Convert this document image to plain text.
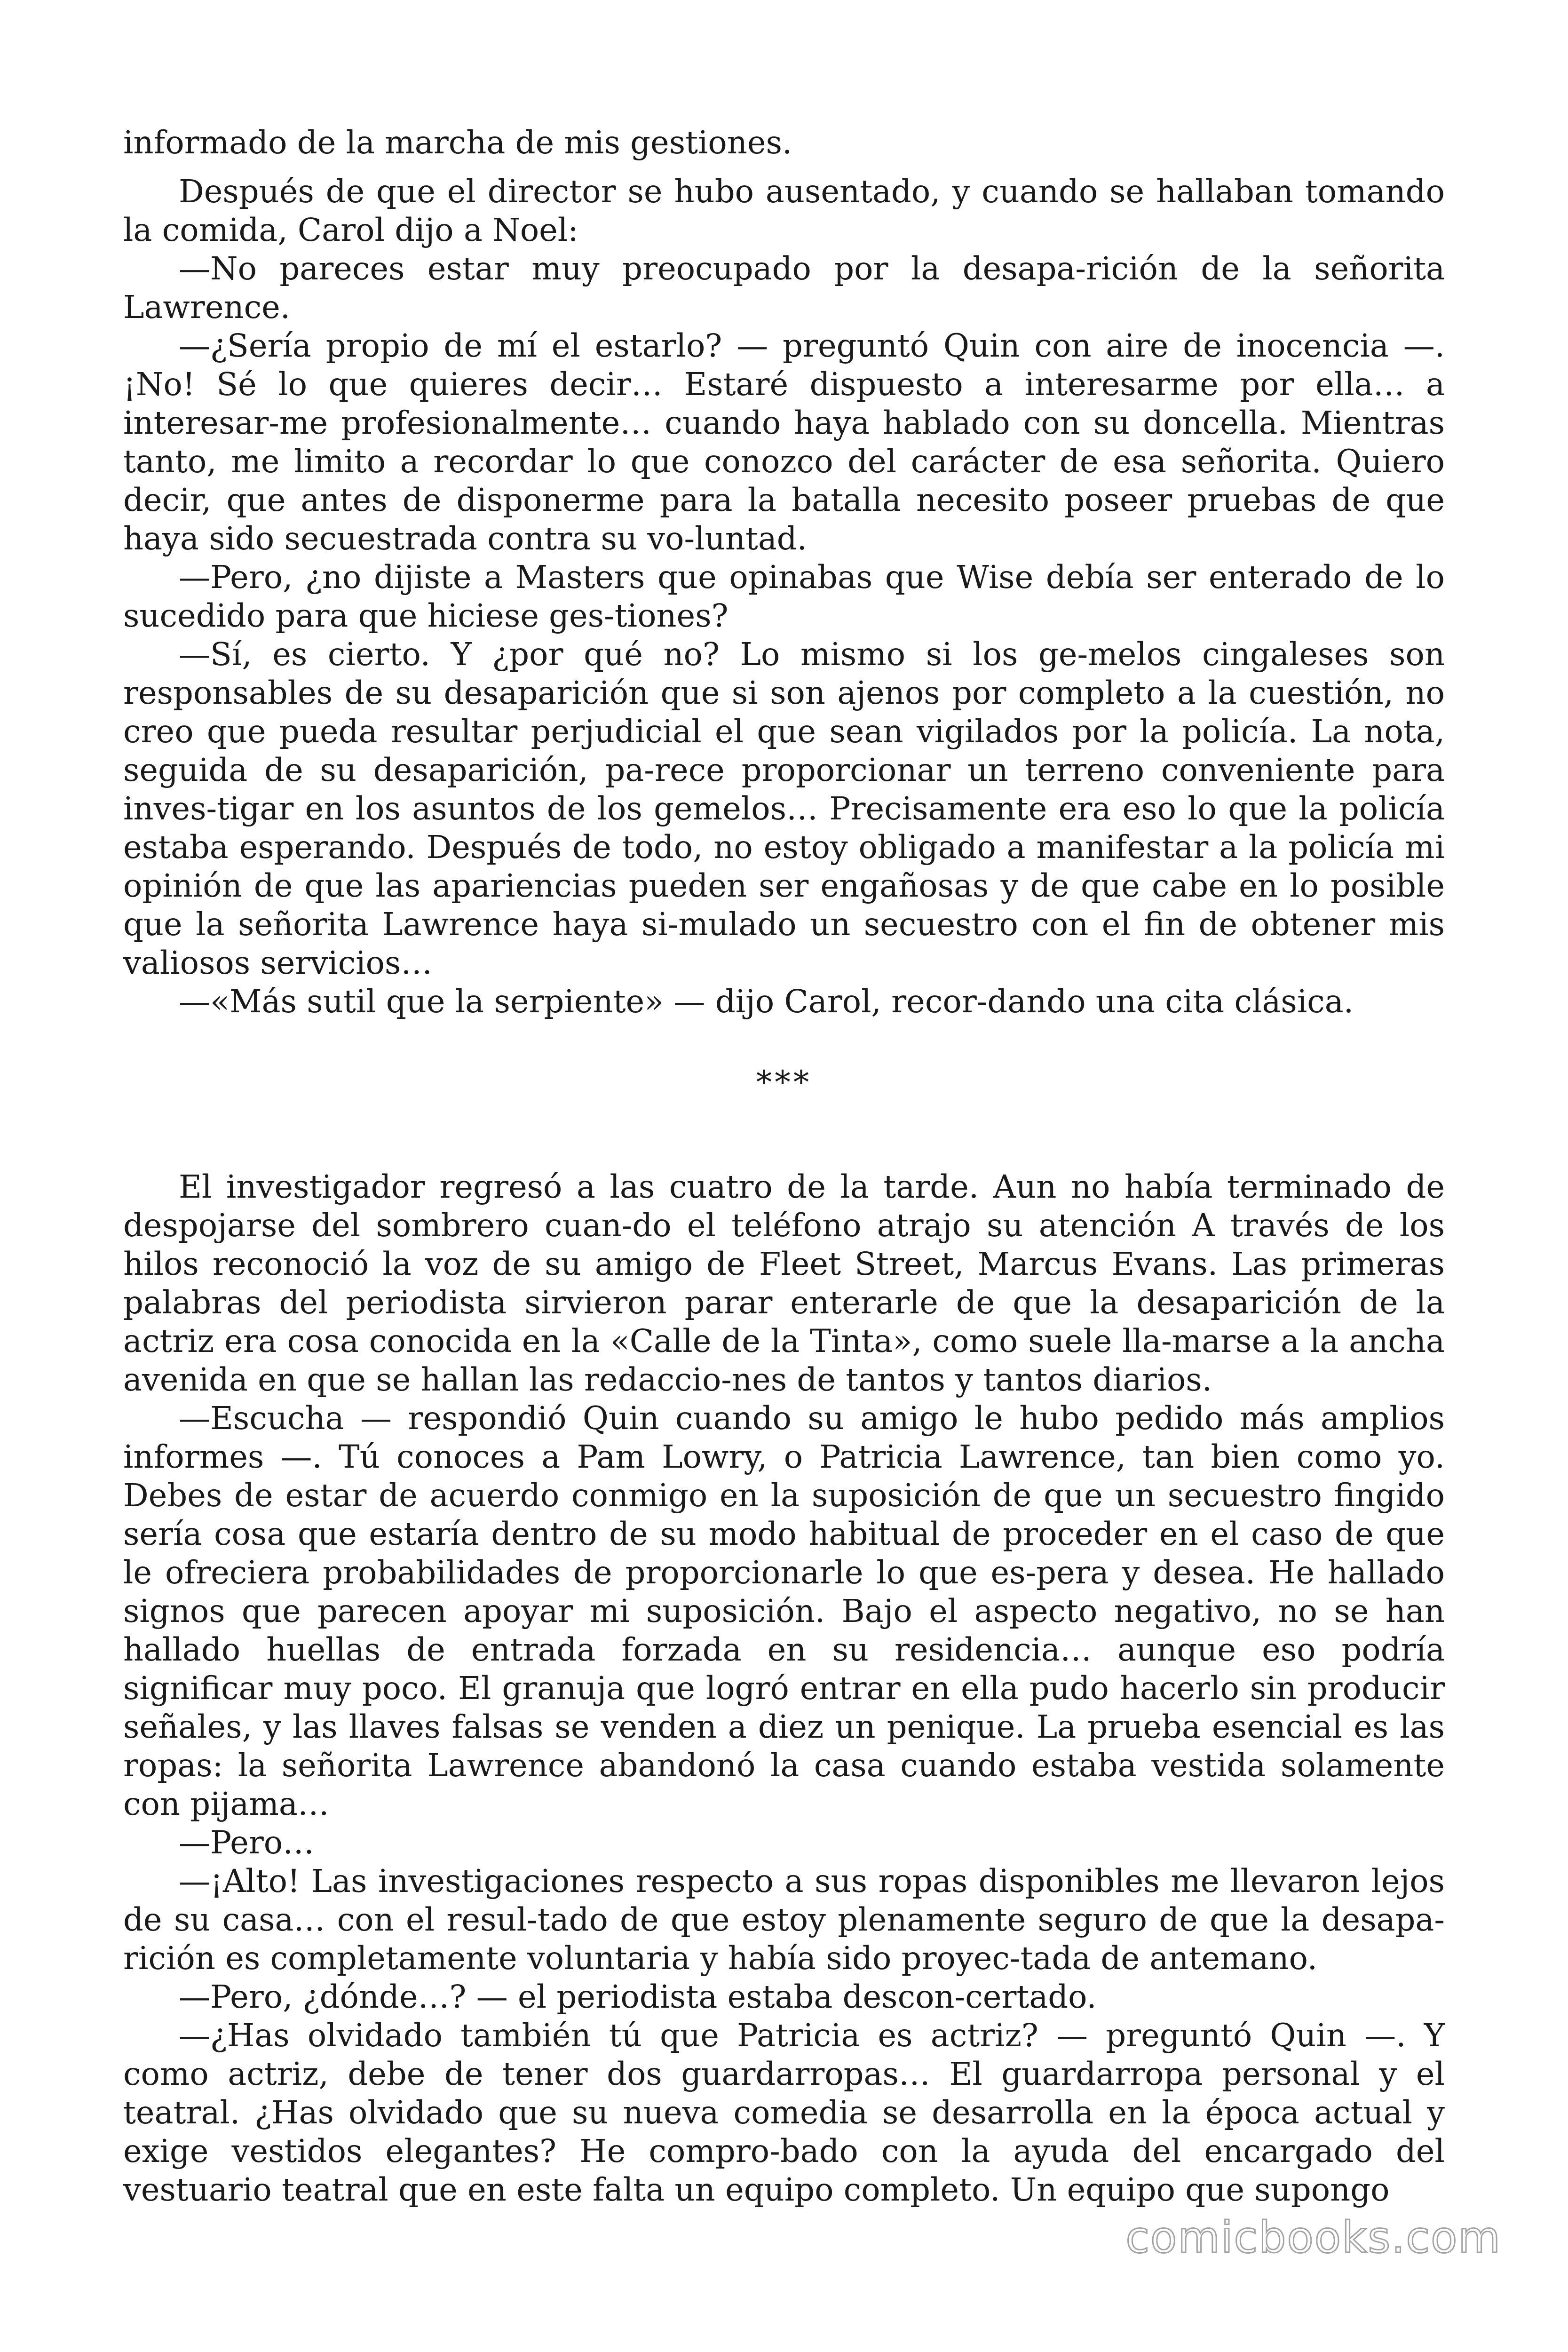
informado de la marcha de mis gestiones.

Después de que el director se hubo ausentado, y cuando se hallaban tomando la comida, Carol dijo a Noel:

—No pareces estar muy preocupado por la desapa-rición de la señorita Lawrence.

—¿Sería propio de mí el estarlo? — preguntó Quin con aire de inocencia —. ¡No! Sé lo que quieres decir… Estaré dispuesto a interesarme por ella… a interesar-me profesionalmente… cuando haya hablado con su doncella. Mientras tanto, me limito a recordar lo que conozco del carácter de esa señorita. Quiero decir, que antes de disponerme para la batalla necesito poseer pruebas de que haya sido secuestrada contra su vo-luntad.

—Pero, ¿no dijiste a Masters que opinabas que Wise debía ser enterado de lo sucedido para que hiciese ges-tiones?

—Sí, es cierto. Y ¿por qué no? Lo mismo si los ge-melos cingaleses son responsables de su desaparición que si son ajenos por completo a la cuestión, no creo que pueda resultar perjudicial el que sean vigilados por la policía. La nota, seguida de su desaparición, pa-rece proporcionar un terreno conveniente para inves-tigar en los asuntos de los gemelos… Precisamente era eso lo que la policía estaba esperando. Después de todo, no estoy obligado a manifestar a la policía mi opinión de que las apariencias pueden ser engañosas y de que cabe en lo posible que la señorita Lawrence haya si-mulado un secuestro con el fin de obtener mis valiosos servicios…

—«Más sutil que la serpiente» — dijo Carol, recor-dando una cita clásica.

***

El investigador regresó a las cuatro de la tarde. Aun no había terminado de despojarse del sombrero cuan-do el teléfono atrajo su atención A través de los hilos reconoció la voz de su amigo de Fleet Street, Marcus Evans. Las primeras palabras del periodista sirvieron parar enterarle de que la desaparición de la actriz era cosa conocida en la «Calle de la Tinta», como suele lla-marse a la ancha avenida en que se hallan las redaccio-nes de tantos y tantos diarios.

—Escucha — respondió Quin cuando su amigo le hubo pedido más amplios informes —. Tú conoces a Pam Lowry, o Patricia Lawrence, tan bien como yo. Debes de estar de acuerdo conmigo en la suposición de que un secuestro fingido sería cosa que estaría dentro de su modo habitual de proceder en el caso de que le ofreciera probabilidades de proporcionarle lo que es-pera y desea. He hallado signos que parecen apoyar mi suposición. Bajo el aspecto negativo, no se han hallado huellas de entrada forzada en su residencia… aunque eso podría significar muy poco. El granuja que logró entrar en ella pudo hacerlo sin producir señales, y las llaves falsas se venden a diez un penique. La prueba esencial es las ropas: la señorita Lawrence abandonó la casa cuando estaba vestida solamente con pijama…

—Pero…

—¡Alto! Las investigaciones respecto a sus ropas disponibles me llevaron lejos de su casa… con el resul-tado de que estoy plenamente seguro de que la desapa-rición es completamente voluntaria y había sido proyec-tada de antemano.

—Pero, ¿dónde…? — el periodista estaba descon-certado.

—¿Has olvidado también tú que Patricia es actriz? — preguntó Quin —. Y como actriz, debe de tener dos guardarropas… El guardarropa personal y el teatral. ¿Has olvidado que su nueva comedia se desarrolla en la época actual y exige vestidos elegantes? He compro-bado con la ayuda del encargado del vestuario teatral que en este falta un equipo completo. Un equipo que supongo

comicbooks.com
